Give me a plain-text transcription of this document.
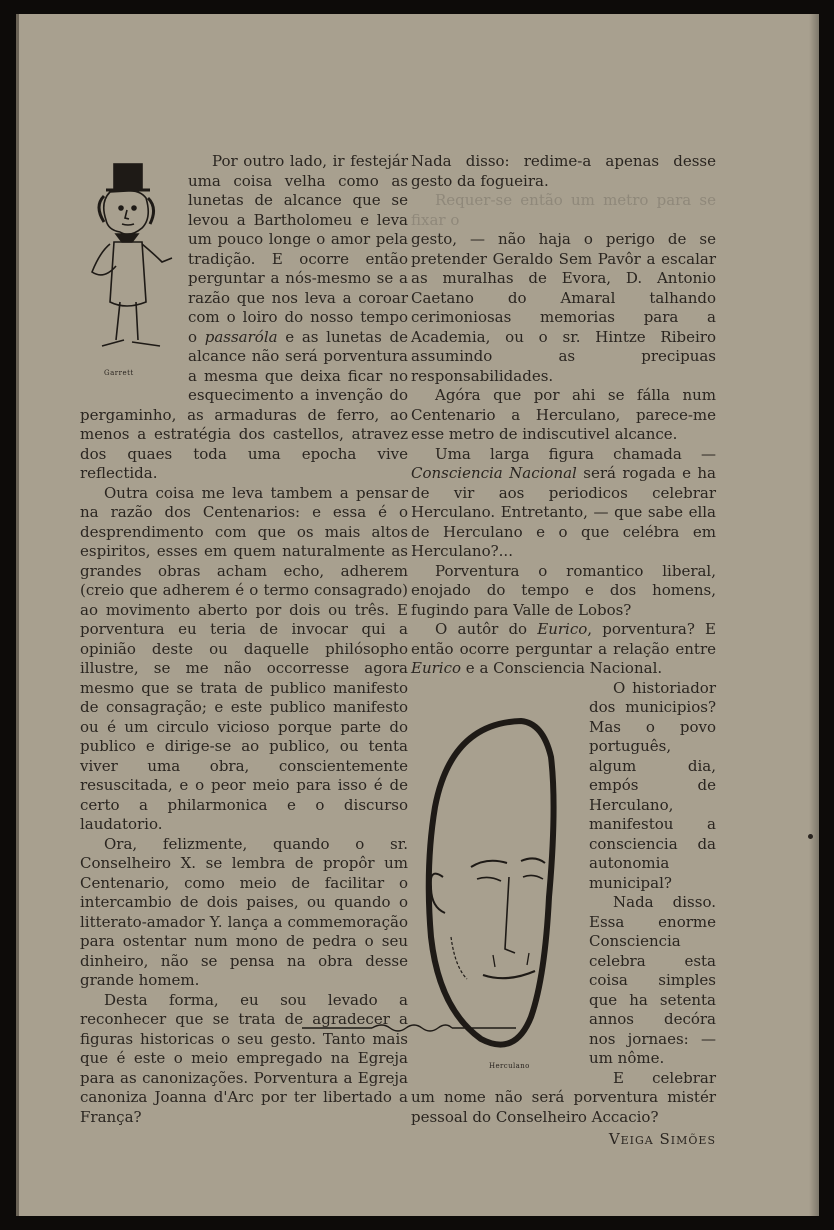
Garrett

Por outro lado, ir festejár uma coisa velha como as lunetas de alcance que se levou a Bartholomeu e leva um pouco longe o amor pela tradição. E ocorre então perguntar a nós-mesmo se a razão que nos leva a coroar com o loiro do nosso tempo o passaróla e as lunetas de alcance não será porventura a mesma que deixa ficar no esquecimento a invenção do pergaminho, as armaduras de ferro, ao menos a estratégia dos castellos, atravez dos quaes toda uma epocha vive reflectida.

Outra coisa me leva tambem a pensar na razão dos Centenarios: e essa é o desprendimento com que os mais altos espiritos, esses em quem naturalmente as grandes obras acham echo, adherem (creio que adherem é o termo consagrado) ao movimento aberto por dois ou três. E porventura eu teria de invocar qui a opinião deste ou daquelle philósopho illustre, se me não occorresse agora mesmo que se trata de publico manifesto de consagração; e este publico manifesto ou é um circulo vicioso porque parte do publico e dirige-se ao publico, ou tenta viver uma obra, conscientemente resuscitada, e o peor meio para isso é de certo a philarmonica e o discurso laudatorio.

Ora, felizmente, quando o sr. Conselheiro X. se lembra de propôr um Centenario, como meio de facilitar o intercambio de dois paises, ou quando o litterato-amador Y. lança a commemoração para ostentar num mono de pedra o seu dinheiro, não se pensa na obra desse grande homem.

Desta forma, eu sou levado a reconhecer que se trata de agradecer a figuras historicas o seu gesto. Tanto mais que é este o meio empregado na Egreja para as canonizações. Porventura a Egreja canoniza Joanna d'Arc por ter libertado a França?

Nada disso: redime-a apenas desse gesto da fogueira.

Requer-se então um metro para se fixar o

gesto, — não haja o perigo de se pretender Geraldo Sem Pavôr a escalar as muralhas de Evora, D. Antonio Caetano do Amaral talhando cerimoniosas memorias para a Academia, ou o sr. Hintze Ribeiro assumindo as precipuas responsabilidades.

Agóra que por ahi se fálla num Centenario a Herculano, parece-me esse metro de indiscutivel alcance.

Uma larga figura chamada — Consciencia Nacional será rogada e ha de vir aos periodicos celebrar Herculano. Entretanto, — que sabe ella de Herculano e o que celébra em Herculano?...

Porventura o romantico liberal, enojado do tempo e dos homens, fugindo para Valle de Lobos?

O autôr do Eurico, porventura? E então ocorre perguntar a relação entre Eurico e a Consciencia Nacional.

Herculano

O historiador dos municipios? Mas o povo português, algum dia, empós de Herculano, manifestou a consciencia da autonomia municipal?

Nada disso. Essa enorme Consciencia celebra esta coisa simples que ha setenta annos decóra nos jornaes: — um nôme.

E celebrar um nome não será porventura mistér pessoal do Conselheiro Accacio?

Veiga Simões
